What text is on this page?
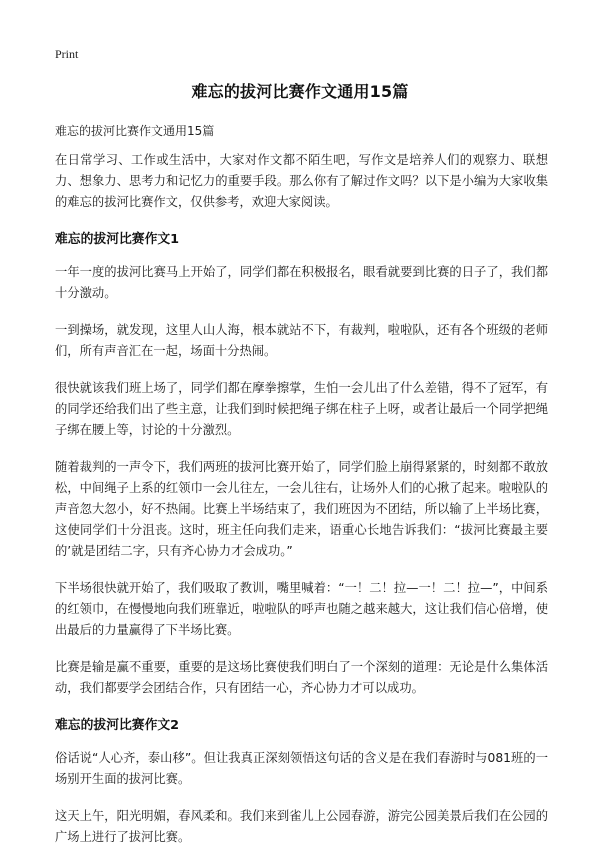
Print
难忘的拔河比赛作文通用15篇
难忘的拔河比赛作文通用15篇

在日常学习、工作或生活中，大家对作文都不陌生吧，写作文是培养人们的观察力、联想力、想象力、思考力和记忆力的重要手段。那么你有了解过作文吗？以下是小编为大家收集的难忘的拔河比赛作文，仅供参考，欢迎大家阅读。

难忘的拔河比赛作文1

一年一度的拔河比赛马上开始了，同学们都在积极报名，眼看就要到比赛的日子了，我们都十分激动。

一到操场，就发现，这里人山人海，根本就站不下，有裁判，啦啦队，还有各个班级的老师们，所有声音汇在一起，场面十分热闹。

很快就该我们班上场了，同学们都在摩拳擦掌，生怕一会儿出了什么差错，得不了冠军，有的同学还给我们出了些主意，让我们到时候把绳子绑在柱子上呀，或者让最后一个同学把绳子绑在腰上等，讨论的十分激烈。

随着裁判的一声令下，我们两班的拔河比赛开始了，同学们脸上崩得紧紧的，时刻都不敢放松，中间绳子上系的红领巾一会儿往左，一会儿往右，让场外人们的心揪了起来。啦啦队的声音忽大忽小，好不热闹。比赛上半场结束了，我们班因为不团结，所以输了上半场比赛，这使同学们十分沮丧。这时，班主任向我们走来，语重心长地告诉我们：“拔河比赛最主要的’就是团结二字，只有齐心协力才会成功。”

下半场很快就开始了，我们吸取了教训，嘴里喊着：“一！二！拉—一！二！拉—”，中间系的红领巾，在慢慢地向我们班靠近，啦啦队的呼声也随之越来越大，这让我们信心倍增，使出最后的力量赢得了下半场比赛。

比赛是输是赢不重要，重要的是这场比赛使我们明白了一个深刻的道理：无论是什么集体活动，我们都要学会团结合作，只有团结一心，齐心协力才可以成功。

难忘的拔河比赛作文2

俗话说“人心齐，泰山移”。但让我真正深刻领悟这句话的含义是在我们春游时与081班的一场别开生面的拔河比赛。

这天上午，阳光明媚，春风柔和。我们来到雀儿上公园春游，游完公园美景后我们在公园的广场上进行了拔河比赛。
